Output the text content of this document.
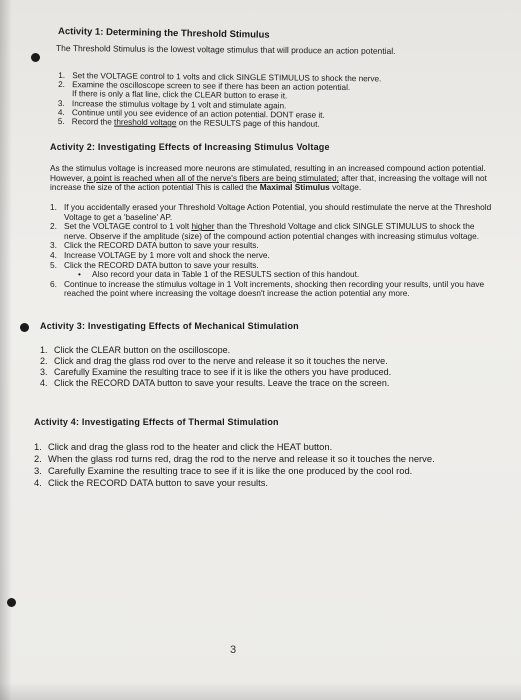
Activity 1: Determining the Threshold Stimulus
The Threshold Stimulus is the lowest voltage stimulus that will produce an action potential.
1. Set the VOLTAGE control to 1 volts and click SINGLE STIMULUS to shock the nerve.
2. Examine the oscilloscope screen to see if there has been an action potential.
If there is only a flat line, click the CLEAR button to erase it.
3. Increase the stimulus voltage by 1 volt and stimulate again.
4. Continue until you see evidence of an action potential. DONT erase it.
5. Record the threshold voltage on the RESULTS page of this handout.
Activity 2: Investigating Effects of Increasing Stimulus Voltage
As the stimulus voltage is increased more neurons are stimulated, resulting in an increased compound action potential. However, a point is reached when all of the nerve's fibers are being stimulated; after that, increasing the voltage will not increase the size of the action potential This is called the Maximal Stimulus voltage.
1. If you accidentally erased your Threshold Voltage Action Potential, you should restimulate the nerve at the Threshold Voltage to get a 'baseline' AP.
2. Set the VOLTAGE control to 1 volt higher than the Threshold Voltage and click SINGLE STIMULUS to shock the nerve. Observe if the amplitude (size) of the compound action potential changes with increasing stimulus voltage.
3. Click the RECORD DATA button to save your results.
4. Increase VOLTAGE by 1 more volt and shock the nerve.
5. Click the RECORD DATA button to save your results.
•	Also record your data in Table 1 of the RESULTS section of this handout.
6. Continue to increase the stimulus voltage in 1 Volt increments, shocking then recording your results, until you have reached the point where increasing the voltage doesn't increase the action potential any more.
Activity 3: Investigating Effects of Mechanical Stimulation
1. Click the CLEAR button on the oscilloscope.
2. Click and drag the glass rod over to the nerve and release it so it touches the nerve.
3. Carefully Examine the resulting trace to see if it is like the others you have produced.
4. Click the RECORD DATA button to save your results. Leave the trace on the screen.
Activity 4: Investigating Effects of Thermal Stimulation
1. Click and drag the glass rod to the heater and click the HEAT button.
2. When the glass rod turns red, drag the rod to the nerve and release it so it touches the nerve.
3. Carefully Examine the resulting trace to see if it is like the one produced by the cool rod.
4. Click the RECORD DATA button to save your results.
3
